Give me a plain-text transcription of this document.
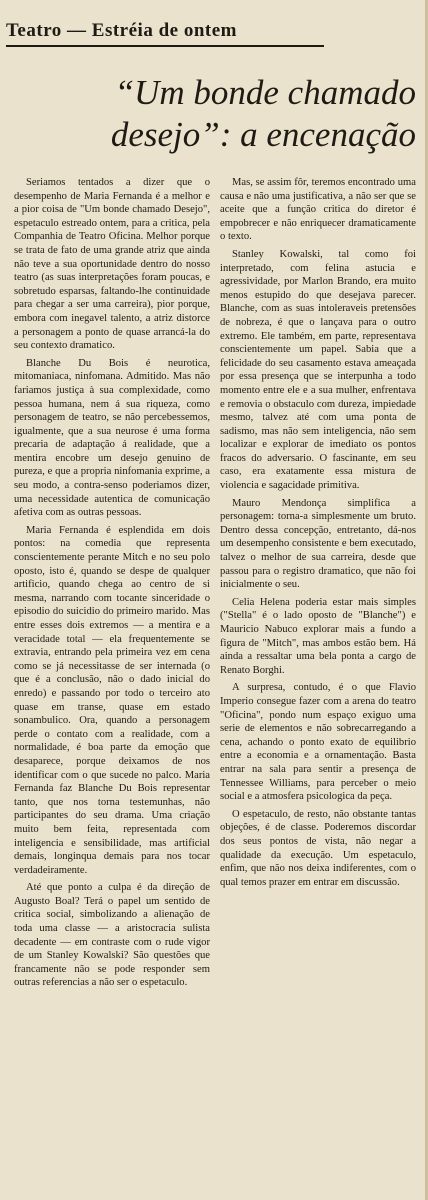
Teatro — Estréia de ontem
“Um bonde chamado
desejo”: a encenação

Seriamos tentados a dizer que o desempenho de Maria Fernanda é a melhor e a pior coisa de "Um bonde chamado Desejo", espetaculo estreado ontem, para a critica, pela Companhia de Teatro Oficina. Melhor porque se trata de fato de uma grande atriz que ainda não teve a sua oportunidade dentro do nosso teatro (as suas interpretações foram poucas, e sobretudo esparsas, faltando-lhe continuidade para chegar a ser uma carreira), pior porque, embora com inegavel talento, a atriz distorce a personagem a ponto de quase arrancá-la do seu contexto dramatico.

Blanche Du Bois é neurotica, mitomaniaca, ninfomana. Admitido. Mas não fariamos justiça à sua complexidade, como pessoa humana, nem á sua riqueza, como personagem de teatro, se não percebessemos, igualmente, que a sua neurose é uma forma precaria de adaptação á realidade, que a mentira encobre um desejo genuino de pureza, e que a propria ninfomania exprime, a seu modo, a contra-senso poderiamos dizer, uma necessidade autentica de comunicação afetiva com as outras pessoas.

Maria Fernanda é esplendida em dois pontos: na comedia que representa conscientemente perante Mitch e no seu polo oposto, isto é, quando se despe de qualquer artificio, quando chega ao centro de si mesma, narrando com tocante sinceridade o episodio do suicidio do primeiro marido. Mas entre esses dois extremos — a mentira e a veracidade total — ela frequentemente se extravia, entrando pela primeira vez em cena como se já necessitasse de ser internada (o que é a conclusão, não o dado inicial do enredo) e passando por todo o terceiro ato quase em transe, quase em estado sonambulico. Ora, quando a personagem perde o contato com a realidade, com a normalidade, é boa parte da emoção que desaparece, porque deixamos de nos identificar com o que sucede no palco. Maria Fernanda faz Blanche Du Bois representar tanto, que nos torna testemunhas, não participantes do seu drama. Uma criação muito bem feita, representada com inteligencia e sensibilidade, mas artificial demais, longinqua demais para nos tocar verdadeiramente.

Até que ponto a culpa é da direção de Augusto Boal? Terá o papel um sentido de critica social, simbolizando a alienação de toda uma classe — a aristocracia sulista decadente — em contraste com o rude vigor de um Stanley Kowalski? São questões que francamente não se pode responder sem outras referencias a não ser o espetaculo.

Mas, se assim fôr, teremos encontrado uma causa e não uma justificativa, a não ser que se aceite que a função critica do diretor é empobrecer e não enriquecer dramaticamente o texto.

Stanley Kowalski, tal como foi interpretado, com felina astucia e agressividade, por Marlon Brando, era muito menos estupido do que desejava parecer. Blanche, com as suas intoleraveis pretensões de nobreza, é que o lançava para o outro extremo. Ele também, em parte, representava conscientemente um papel. Sabia que a felicidade do seu casamento estava ameaçada por essa presença que se interpunha a todo momento entre ele e a sua mulher, enfrentava e removia o obstaculo com dureza, impiedade mesmo, talvez até com uma ponta de sadismo, mas não sem inteligencia, não sem localizar e explorar de imediato os pontos fracos do adversario. O fascinante, em seu caso, era exatamente essa mistura de violencia e sagacidade primitiva.

Mauro Mendonça simplifica a personagem: torna-a simplesmente um bruto. Dentro dessa concepção, entretanto, dá-nos um desempenho consistente e bem executado, talvez o melhor de sua carreira, desde que passou para o registro dramatico, que não foi inicialmente o seu.

Celia Helena poderia estar mais simples ("Stella" é o lado oposto de "Blanche") e Mauricio Nabuco explorar mais a fundo a figura de "Mitch", mas ambos estão bem. Há ainda a ressaltar uma bela ponta a cargo de Renato Borghi.

A surpresa, contudo, é o que Flavio Imperio consegue fazer com a arena do teatro "Oficina", pondo num espaço exiguo uma serie de elementos e não sobrecarregando a cena, achando o ponto exato de equilibrio entre a economia e a ornamentação. Basta entrar na sala para sentir a presença de Tennessee Williams, para perceber o meio social e a atmosfera psicologica da peça.

O espetaculo, de resto, não obstante tantas objeções, é de classe. Poderemos discordar dos seus pontos de vista, não negar a qualidade da execução. Um espetaculo, enfim, que não nos deixa indiferentes, com o qual temos prazer em entrar em discussão.
